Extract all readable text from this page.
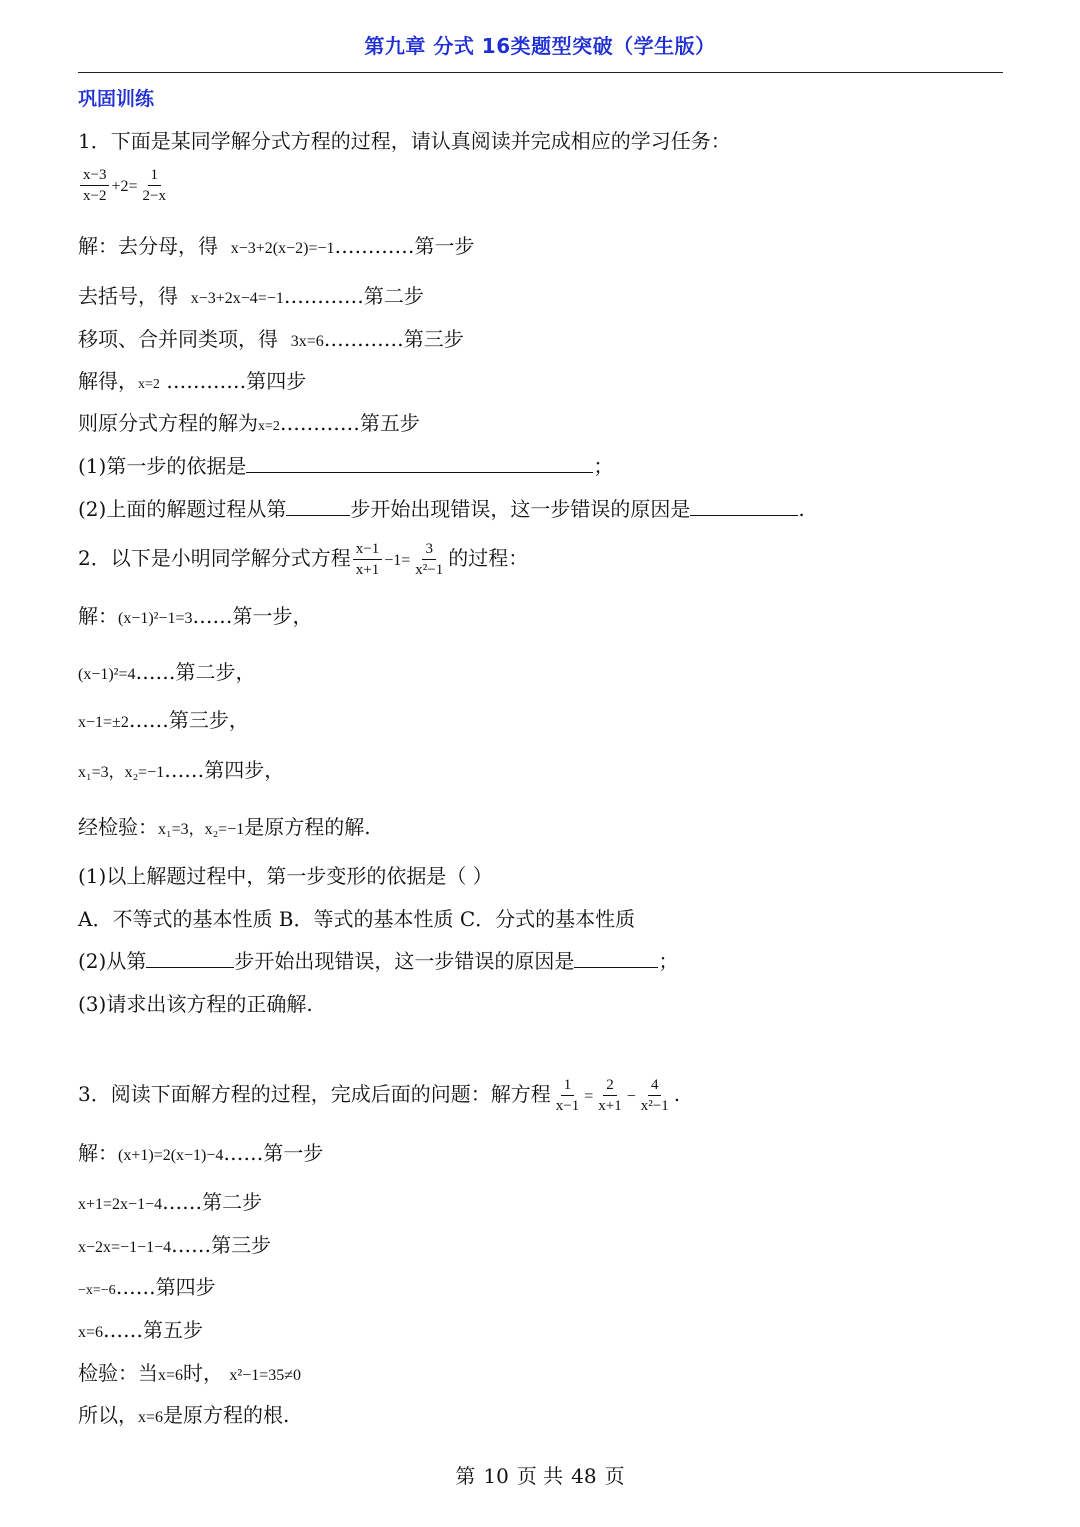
第九章 分式 16类题型突破（学生版）
巩固训练
1．下面是某同学解分式方程的过程，请认真阅读并完成相应的学习任务：
$\frac{x-3}{x-2} +2= \frac{1}{2-x}$
解：去分母，得 x−3+2(x−2)=−1…………第一步
去括号，得 x−3+2x−4=−1…………第二步
移项、合并同类项，得 3x=6…………第三步
解得，x=2 …………第四步
则原分式方程的解为x=2…………第五步
(1)第一步的依据是	；
(2)上面的解题过程从第	步开始出现错误，这一步错误的原因是	.
2．以下是小明同学解分式方程 $\frac{x-1}{x+1} -1= \frac{3}{\text{x²−1}}$ 的过程：
解：(x−1)²−1=3……第一步，
(x−1)²=4……第二步，
x−1=±2……第三步，
x₁=3，x₂=−1……第四步，
经检验：x₁=3，x₂=−1是原方程的解.
(1)以上解题过程中，第一步变形的依据是（ ）
A．不等式的基本性质 B．等式的基本性质 C．分式的基本性质
(2)从第	步开始出现错误，这一步错误的原因是	；
(3)请求出该方程的正确解.
3．阅读下面解方程的过程，完成后面的问题：解方程 $\frac{1}{x-1} = \frac{2}{x+1} - \frac{4}{\text{x²−1}}$ .
解：(x+1)=2(x−1)−4……第一步
x+1=2x−1−4……第二步
x−2x=−1−1−4……第三步
−x=−6……第四步
x=6……第五步
检验：当x=6时， x²−1=35≠0
所以，x=6是原方程的根.
第 10 页 共 48 页
